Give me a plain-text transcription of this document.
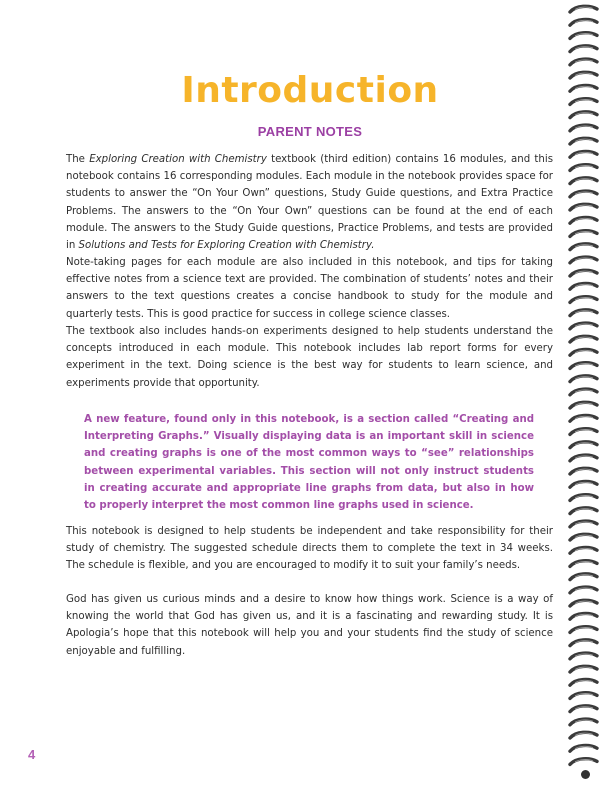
Introduction
PARENT NOTES

The Exploring Creation with Chemistry textbook (third edition) contains 16 modules, and this notebook contains 16 corresponding modules. Each module in the notebook provides space for students to answer the “On Your Own” questions, Study Guide questions, and Extra Practice Problems. The answers to the “On Your Own” questions can be found at the end of each module. The answers to the Study Guide questions, Practice Problems, and tests are provided in Solutions and Tests for Exploring Creation with Chemistry.

Note-taking pages for each module are also included in this notebook, and tips for taking effective notes from a science text are provided. The combination of students’ notes and their answers to the text questions creates a concise handbook to study for the module and quarterly tests. This is good practice for success in college science classes.

The textbook also includes hands-on experiments designed to help students understand the concepts introduced in each module. This notebook includes lab report forms for every experiment in the text. Doing science is the best way for students to learn science, and experiments provide that opportunity.

A new feature, found only in this notebook, is a section called “Creating and Interpreting Graphs.” Visually displaying data is an important skill in science and creating graphs is one of the most common ways to “see” relationships between experimental variables. This section will not only instruct students in creating accurate and appropriate line graphs from data, but also in how to properly interpret the most common line graphs used in science.

This notebook is designed to help students be independent and take responsibility for their study of chemistry. The suggested schedule directs them to complete the text in 34 weeks. The schedule is flexible, and you are encouraged to modify it to suit your family’s needs.

God has given us curious minds and a desire to know how things work. Science is a way of knowing the world that God has given us, and it is a fascinating and rewarding study. It is Apologia’s hope that this notebook will help you and your students find the study of science enjoyable and fulfilling.

4
